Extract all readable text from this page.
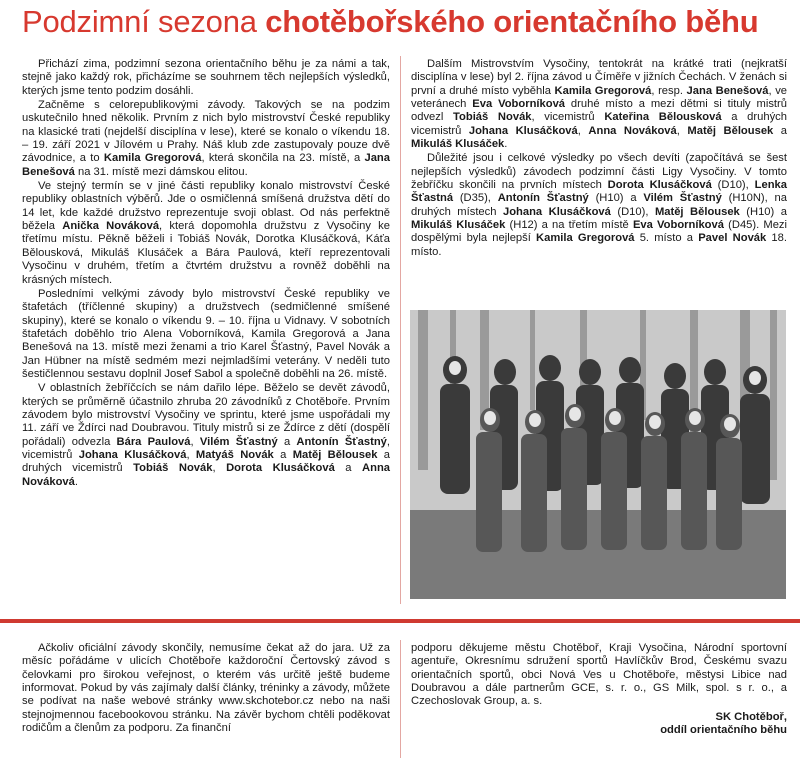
Podzimní sezona chotěbořského orientačního běhu

Přichází zima, podzimní sezona orientačního běhu je za námi a tak, stejně jako každý rok, přicházíme se souhrnem těch nejlepších výsledků, kterých jsme tento podzim dosáhli.

Začněme s celorepublikovými závody. Takových se na podzim uskutečnilo hned několik. Prvním z nich bylo mistrovství České republiky na klasické trati (nejdelší disciplína v lese), které se konalo o víkendu 18. – 19. září 2021 v Jílovém u Prahy. Náš klub zde zastupovaly pouze dvě závodnice, a to Kamila Gregorová, která skončila na 23. místě, a Jana Benešová na 31. místě mezi dámskou elitou.

Ve stejný termín se v jiné části republiky konalo mistrovství České republiky oblastních výběrů. Jde o osmičlenná smíšená družstva dětí do 14 let, kde každé družstvo reprezentuje svoji oblast. Od nás perfektně běžela Anička Nováková, která dopomohla družstvu z Vysočiny ke třetímu místu. Pěkně běželi i Tobiáš Novák, Dorotka Klusáčková, Káťa Bělousková, Mikuláš Klusáček a Bára Paulová, kteří reprezentovali Vysočinu v druhém, třetím a čtvrtém družstvu a rovněž doběhli na krásných místech.

Posledními velkými závody bylo mistrovství České republiky ve štafetách (tříčlenné skupiny) a družstvech (sedmičlenné smíšené skupiny), které se konalo o víkendu 9. – 10. října u Vidnavy. V sobotních štafetách doběhlo trio Alena Voborníková, Kamila Gregorová a Jana Benešová na 13. místě mezi ženami a trio Karel Šťastný, Pavel Novák a Jan Hübner na místě sedmém mezi nejmladšími veterány. V neděli tuto šestičlennou sestavu doplnil Josef Sabol a společně doběhli na 26. místě.

V oblastních žebříčcích se nám dařilo lépe. Běželo se devět závodů, kterých se průměrně účastnilo zhruba 20 závodníků z Chotěboře. Prvním závodem bylo mistrovství Vysočiny ve sprintu, které jsme uspořádali my 11. září ve Ždírci nad Doubravou. Tituly mistrů si ze Ždírce z dětí (dospělí pořádali) odvezla Bára Paulová, Vilém Šťastný a Antonín Šťastný, vicemistrů Johana Klusáčková, Matyáš Novák a Matěj Bělousek a druhých vicemistrů Tobiáš Novák, Dorota Klusáčková a Anna Nováková.

Dalším Mistrovstvím Vysočiny, tentokrát na krátké trati (nejkratší disciplína v lese) byl 2. října závod u Číměře v jižních Čechách. V ženách si první a druhé místo vyběhla Kamila Gregorová, resp. Jana Benešová, ve veteránech Eva Voborníková druhé místo a mezi dětmi si tituly mistrů odvezl Tobiáš Novák, vicemistrů Kateřina Bělousková a druhých vicemistrů Johana Klusáčková, Anna Nováková, Matěj Bělousek a Mikuláš Klusáček.

Důležité jsou i celkové výsledky po všech devíti (započítává se šest nejlepších výsledků) závodech podzimní části Ligy Vysočiny. V tomto žebříčku skončili na prvních místech Dorota Klusáčková (D10), Lenka Šťastná (D35), Antonín Šťastný (H10) a Vilém Šťastný (H10N), na druhých místech Johana Klusáčková (D10), Matěj Bělousek (H10) a Mikuláš Klusáček (H12) a na třetím místě Eva Voborníková (D45). Mezi dospělými byla nejlepší Kamila Gregorová 5. místo a Pavel Novák 18. místo.

Ačkoliv oficiální závody skončily, nemusíme čekat až do jara. Už za měsíc pořádáme v ulicích Chotěboře každoroční Čertovský závod s čelovkami pro širokou veřejnost, o kterém vás určitě ještě budeme informovat. Pokud by vás zajímaly další články, tréninky a závody, můžete se podívat na naše webové stránky www.skchotebor.cz nebo na naši stejnojmennou facebookovou stránku. Na závěr bychom chtěli poděkovat rodičům a členům za podporu. Za finanční

podporu děkujeme městu Chotěboř, Kraji Vysočina, Národní sportovní agentuře, Okresnímu sdružení sportů Havlíčkův Brod, Českému svazu orientačních sportů, obci Nová Ves u Chotěboře, městysi Libice nad Doubravou a dále partnerům GCE, s. r. o., GS Milk, spol. s r. o., a Czechoslovak Group, a. s.

SK Chotěboř,
oddíl orientačního běhu
